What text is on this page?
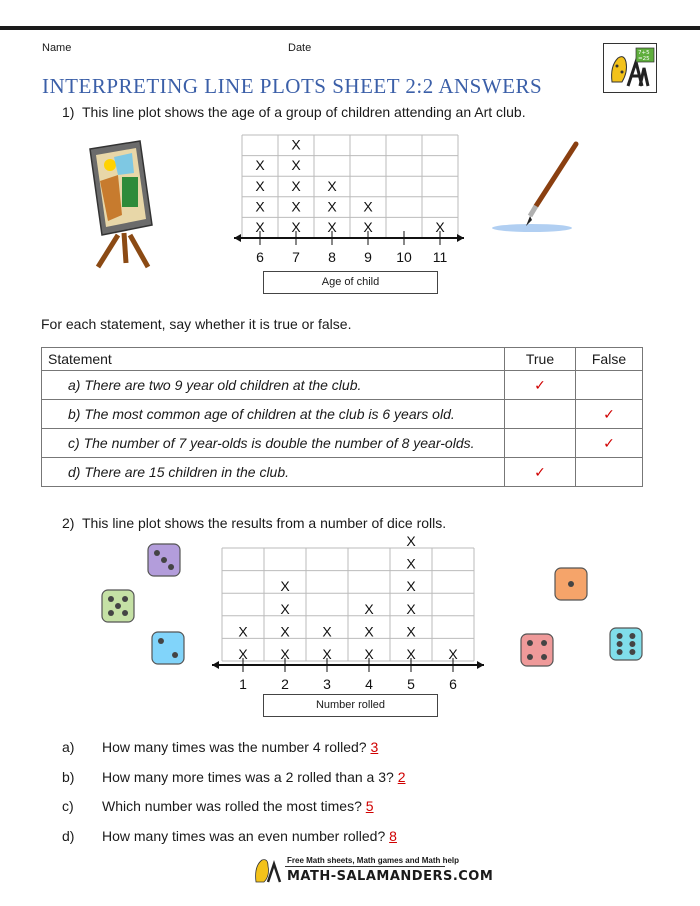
Name	Date	7+5
=25
INTERPRETING LINE PLOTS SHEET 2:2 ANSWERS
1) This line plot shows the age of a group of children attending an Art club.
6
X
X
X
X
7
X
X
X
X
X
8
X
X
X
9
X
X
10 11
X
Age of child
For each statement, say whether it is true or false.
Statement	True	False
a) There are two 9 year old children at the club.	✓	
b) The most common age of children at the club is 6 years old.		✓
c) The number of 7 year-olds is double the number of 8 year-olds.		✓
d) There are 15 children in the club.	✓	
2) This line plot shows the results from a number of dice rolls.
1
X
X
2
X
X
X
X
3
X
X
4
X
X
X
5
X
X
X
X
X
X
6
X
Number rolled
a) How many times was the number 4 rolled? 3
b) How many more times was a 2 rolled than a 3? 2
c) Which number was rolled the most times? 5
d) How many times was an even number rolled? 8
Free Math sheets, Math games and Math help
MATH-SALAMANDERS.COM
